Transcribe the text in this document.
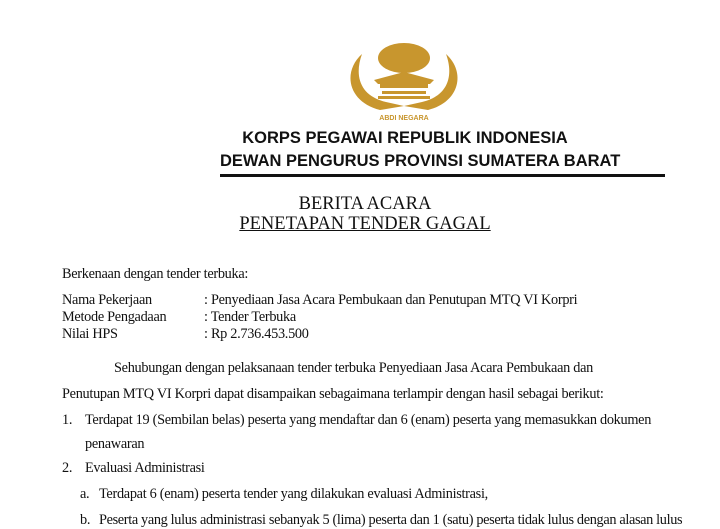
ABDI NEGARA
KORPS PEGAWAI REPUBLIK INDONESIA
DEWAN PENGURUS PROVINSI SUMATERA BARAT
BERITA ACARA
PENETAPAN TENDER GAGAL
Berkenaan dengan tender terbuka:
Nama Pekerjaan	: Penyediaan Jasa Acara Pembukaan dan Penutupan MTQ VI Korpri
Metode Pengadaan	: Tender Terbuka
Nilai HPS	: Rp 2.736.453.500
Sehubungan dengan pelaksanaan tender terbuka Penyediaan Jasa Acara Pembukaan dan
Penutupan MTQ VI Korpri dapat disampaikan sebagaimana terlampir dengan hasil sebagai berikut:
1. Terdapat 19 (Sembilan belas) peserta yang mendaftar dan 6 (enam) peserta yang memasukkan dokumen
penawaran
2. Evaluasi Administrasi
a. Terdapat 6 (enam) peserta tender yang dilakukan evaluasi Administrasi,
b. Peserta yang lulus administrasi sebanyak 5 (lima) peserta dan 1 (satu) peserta tidak lulus dengan alasan lulus
